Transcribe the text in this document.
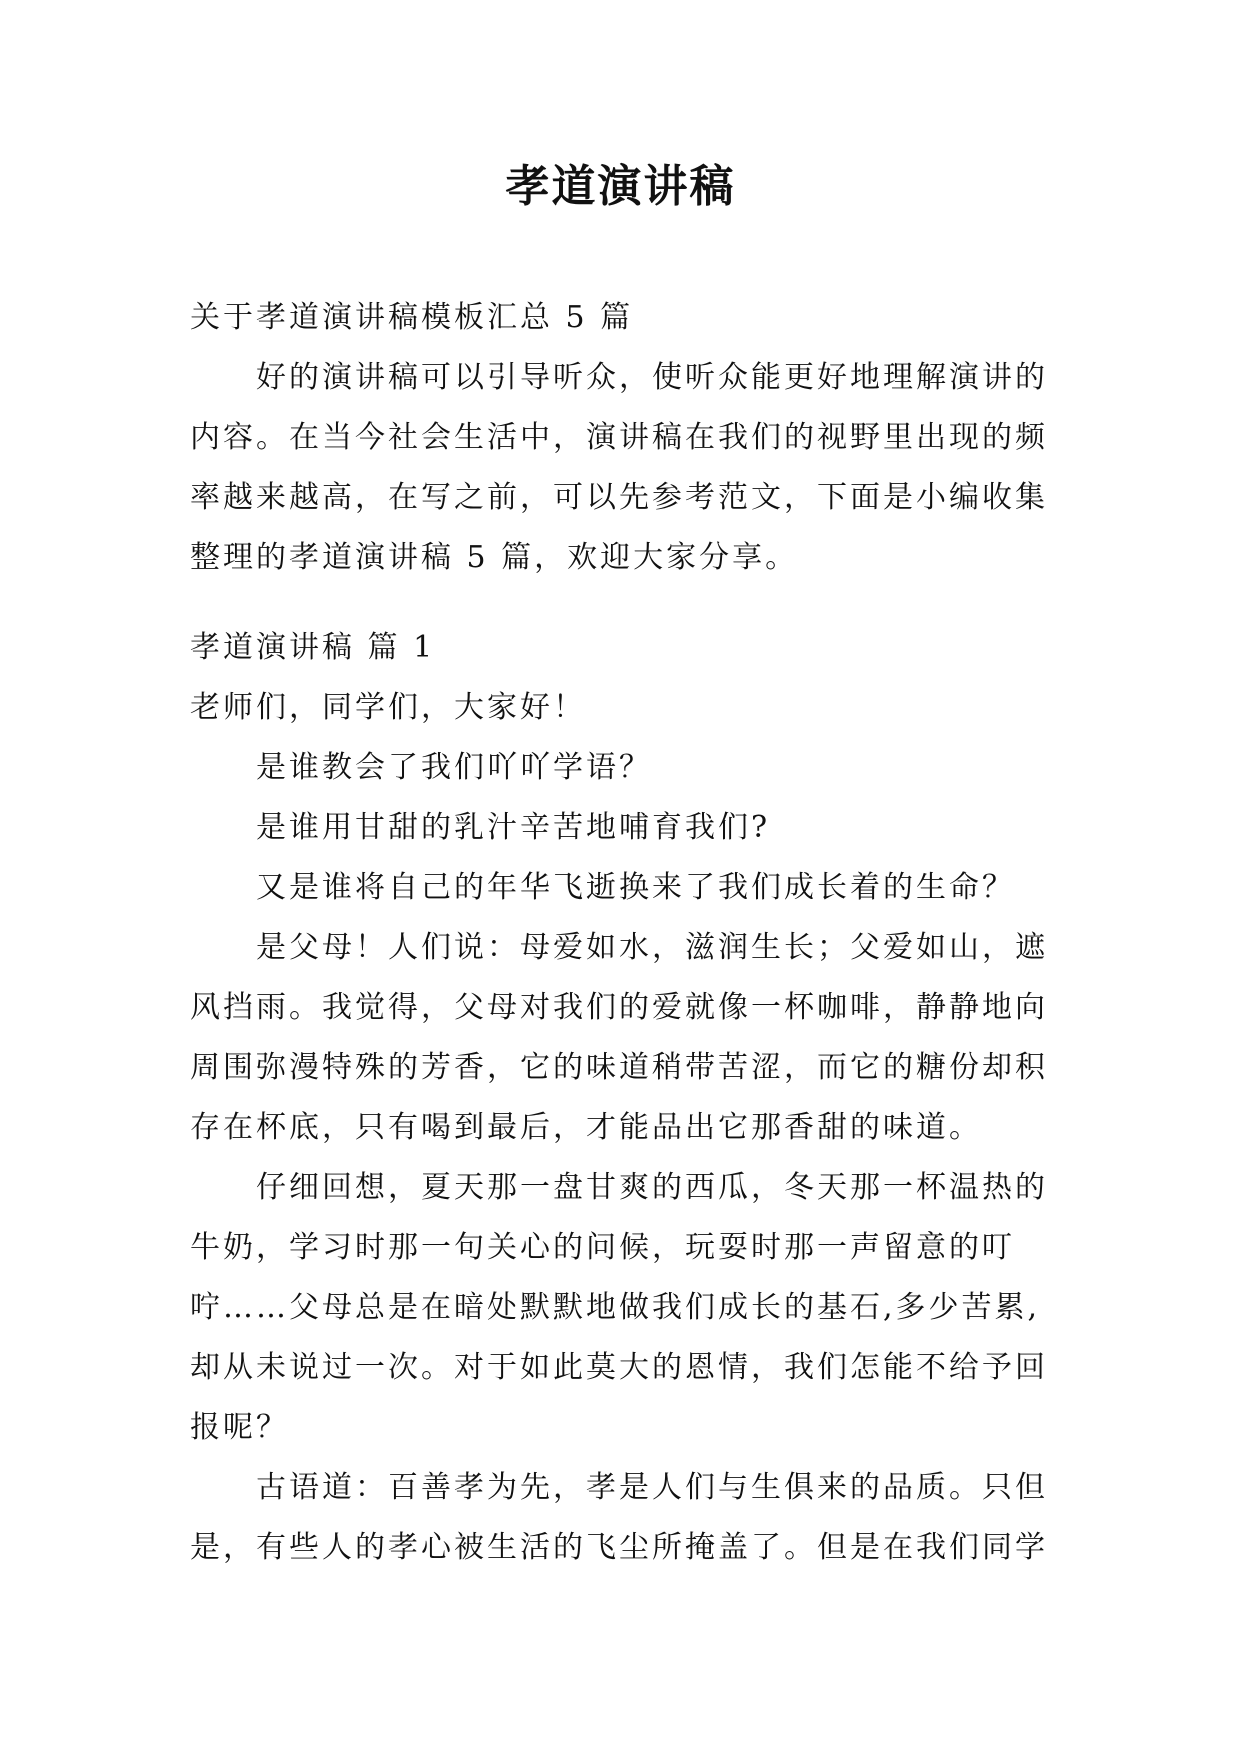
孝道演讲稿
关于孝道演讲稿模板汇总 5 篇
好的演讲稿可以引导听众，使听众能更好地理解演讲的
内容。在当今社会生活中，演讲稿在我们的视野里出现的频
率越来越高，在写之前，可以先参考范文，下面是小编收集
整理的孝道演讲稿 5 篇，欢迎大家分享。
孝道演讲稿 篇 1
老师们，同学们，大家好！
是谁教会了我们吖吖学语？
是谁用甘甜的乳汁辛苦地哺育我们?
又是谁将自己的年华飞逝换来了我们成长着的生命？
是父母！人们说：母爱如水，滋润生长；父爱如山，遮
风挡雨。我觉得，父母对我们的爱就像一杯咖啡，静静地向
周围弥漫特殊的芳香，它的味道稍带苦涩，而它的糖份却积
存在杯底，只有喝到最后，才能品出它那香甜的味道。
仔细回想，夏天那一盘甘爽的西瓜，冬天那一杯温热的
牛奶，学习时那一句关心的问候，玩耍时那一声留意的叮
咛……父母总是在暗处默默地做我们成长的基石,多少苦累,
却从未说过一次。对于如此莫大的恩情，我们怎能不给予回
报呢？
古语道：百善孝为先，孝是人们与生俱来的品质。只但
是，有些人的孝心被生活的飞尘所掩盖了。但是在我们同学
